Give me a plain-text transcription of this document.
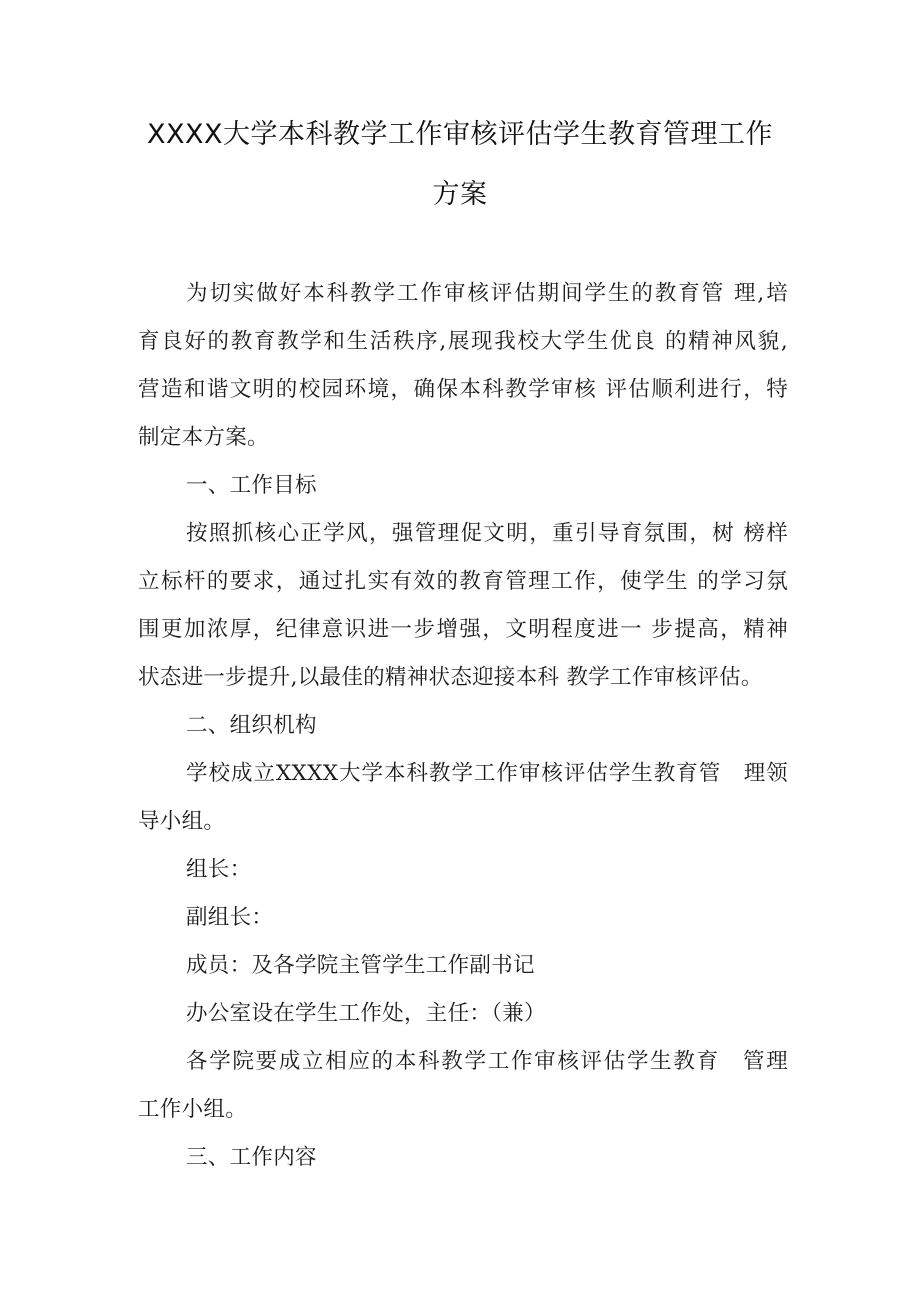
XXXX大学本科教学工作审核评估学生教育管理工作
方案
为切实做好本科教学工作审核评估期间学生的教育管 理,培
育良好的教育教学和生活秩序,展现我校大学生优良 的精神风貌,
营造和谐文明的校园环境，确保本科教学审核 评估顺利进行，特
制定本方案。
一、工作目标
按照抓核心正学风，强管理促文明，重引导育氛围，树 榜样
立标杆的要求，通过扎实有效的教育管理工作，使学生 的学习氛
围更加浓厚，纪律意识进一步增强，文明程度进一 步提高，精神
状态进一步提升,以最佳的精神状态迎接本科 教学工作审核评估。
二、组织机构
学校成立XXXX大学本科教学工作审核评估学生教育管　理领
导小组。
组长：
副组长：
成员：及各学院主管学生工作副书记
办公室设在学生工作处，主任：（兼）
各学院要成立相应的本科教学工作审核评估学生教育　管理
工作小组。
三、工作内容
